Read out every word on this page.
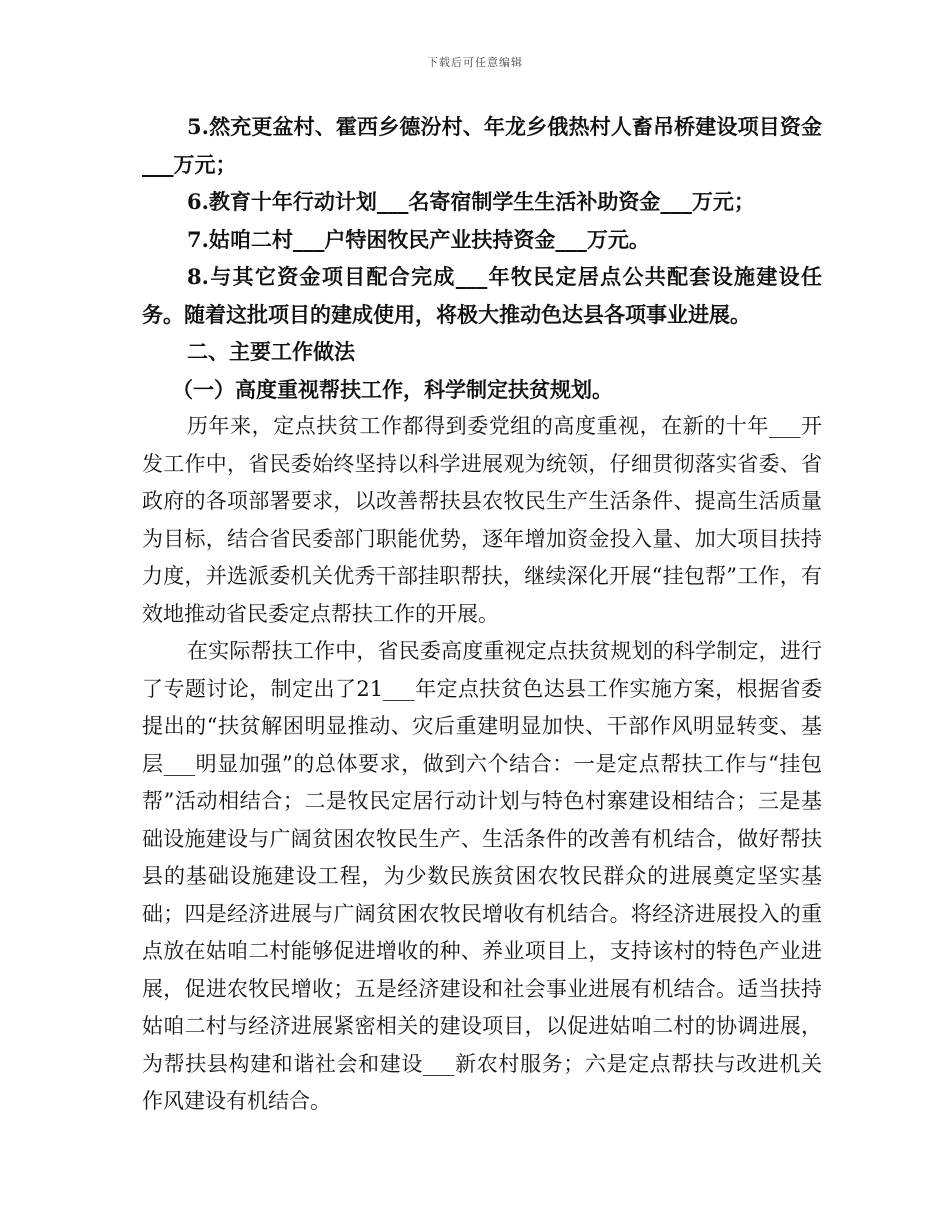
下载后可任意编辑

5.然充更盆村、霍西乡德汾村、年龙乡俄热村人畜吊桥建设项目资金___万元；

6.教育十年行动计划___名寄宿制学生生活补助资金___万元；

7.姑咱二村___户特困牧民产业扶持资金___万元。

8.与其它资金项目配合完成___年牧民定居点公共配套设施建设任务。随着这批项目的建成使用，将极大推动色达县各项事业进展。

二、主要工作做法

（一）高度重视帮扶工作，科学制定扶贫规划。

历年来，定点扶贫工作都得到委党组的高度重视，在新的十年___开发工作中，省民委始终坚持以科学进展观为统领，仔细贯彻落实省委、省政府的各项部署要求，以改善帮扶县农牧民生产生活条件、提高生活质量为目标，结合省民委部门职能优势，逐年增加资金投入量、加大项目扶持力度，并选派委机关优秀干部挂职帮扶，继续深化开展“挂包帮”工作，有效地推动省民委定点帮扶工作的开展。

在实际帮扶工作中，省民委高度重视定点扶贫规划的科学制定，进行了专题讨论，制定出了21___年定点扶贫色达县工作实施方案，根据省委提出的“扶贫解困明显推动、灾后重建明显加快、干部作风明显转变、基层___明显加强”的总体要求，做到六个结合：一是定点帮扶工作与“挂包帮”活动相结合；二是牧民定居行动计划与特色村寨建设相结合；三是基础设施建设与广阔贫困农牧民生产、生活条件的改善有机结合，做好帮扶县的基础设施建设工程，为少数民族贫困农牧民群众的进展奠定坚实基础；四是经济进展与广阔贫困农牧民增收有机结合。将经济进展投入的重点放在姑咱二村能够促进增收的种、养业项目上，支持该村的特色产业进展，促进农牧民增收；五是经济建设和社会事业进展有机结合。适当扶持姑咱二村与经济进展紧密相关的建设项目，以促进姑咱二村的协调进展，为帮扶县构建和谐社会和建设___新农村服务；六是定点帮扶与改进机关作风建设有机结合。
